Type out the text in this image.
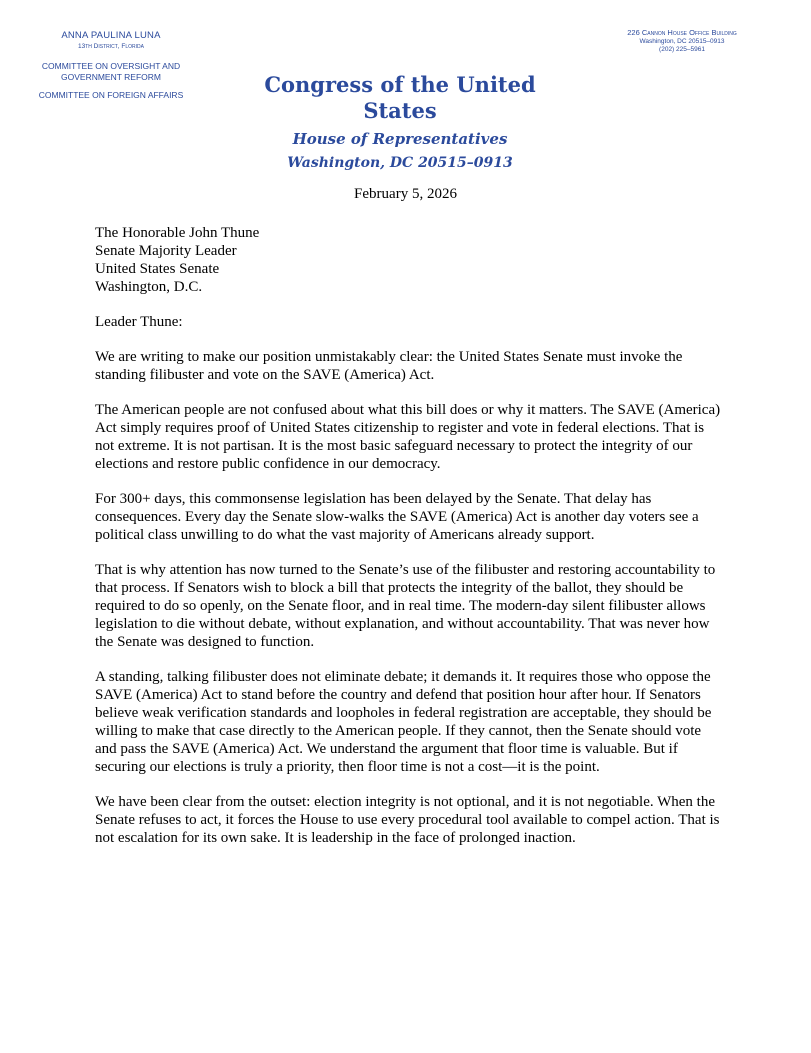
ANNA PAULINA LUNA
13th District, Florida
COMMITTEE ON OVERSIGHT AND GOVERNMENT REFORM
COMMITTEE ON FOREIGN AFFAIRS
226 Cannon House Office Building
Washington, DC 20515–0913
(202) 225–5961
Congress of the United States
House of Representatives
Washington, DC 20515–0913
February 5, 2026
The Honorable John Thune
Senate Majority Leader
United States Senate
Washington, D.C.
Leader Thune:
We are writing to make our position unmistakably clear: the United States Senate must invoke the standing filibuster and vote on the SAVE (America) Act.
The American people are not confused about what this bill does or why it matters. The SAVE (America) Act simply requires proof of United States citizenship to register and vote in federal elections. That is not extreme. It is not partisan. It is the most basic safeguard necessary to protect the integrity of our elections and restore public confidence in our democracy.
For 300+ days, this commonsense legislation has been delayed by the Senate. That delay has consequences. Every day the Senate slow-walks the SAVE (America) Act is another day voters see a political class unwilling to do what the vast majority of Americans already support.
That is why attention has now turned to the Senate’s use of the filibuster and restoring accountability to that process. If Senators wish to block a bill that protects the integrity of the ballot, they should be required to do so openly, on the Senate floor, and in real time. The modern-day silent filibuster allows legislation to die without debate, without explanation, and without accountability. That was never how the Senate was designed to function.
A standing, talking filibuster does not eliminate debate; it demands it. It requires those who oppose the SAVE (America) Act to stand before the country and defend that position hour after hour. If Senators believe weak verification standards and loopholes in federal registration are acceptable, they should be willing to make that case directly to the American people. If they cannot, then the Senate should vote and pass the SAVE (America) Act. We understand the argument that floor time is valuable. But if securing our elections is truly a priority, then floor time is not a cost—it is the point.
We have been clear from the outset: election integrity is not optional, and it is not negotiable. When the Senate refuses to act, it forces the House to use every procedural tool available to compel action. That is not escalation for its own sake. It is leadership in the face of prolonged inaction.
